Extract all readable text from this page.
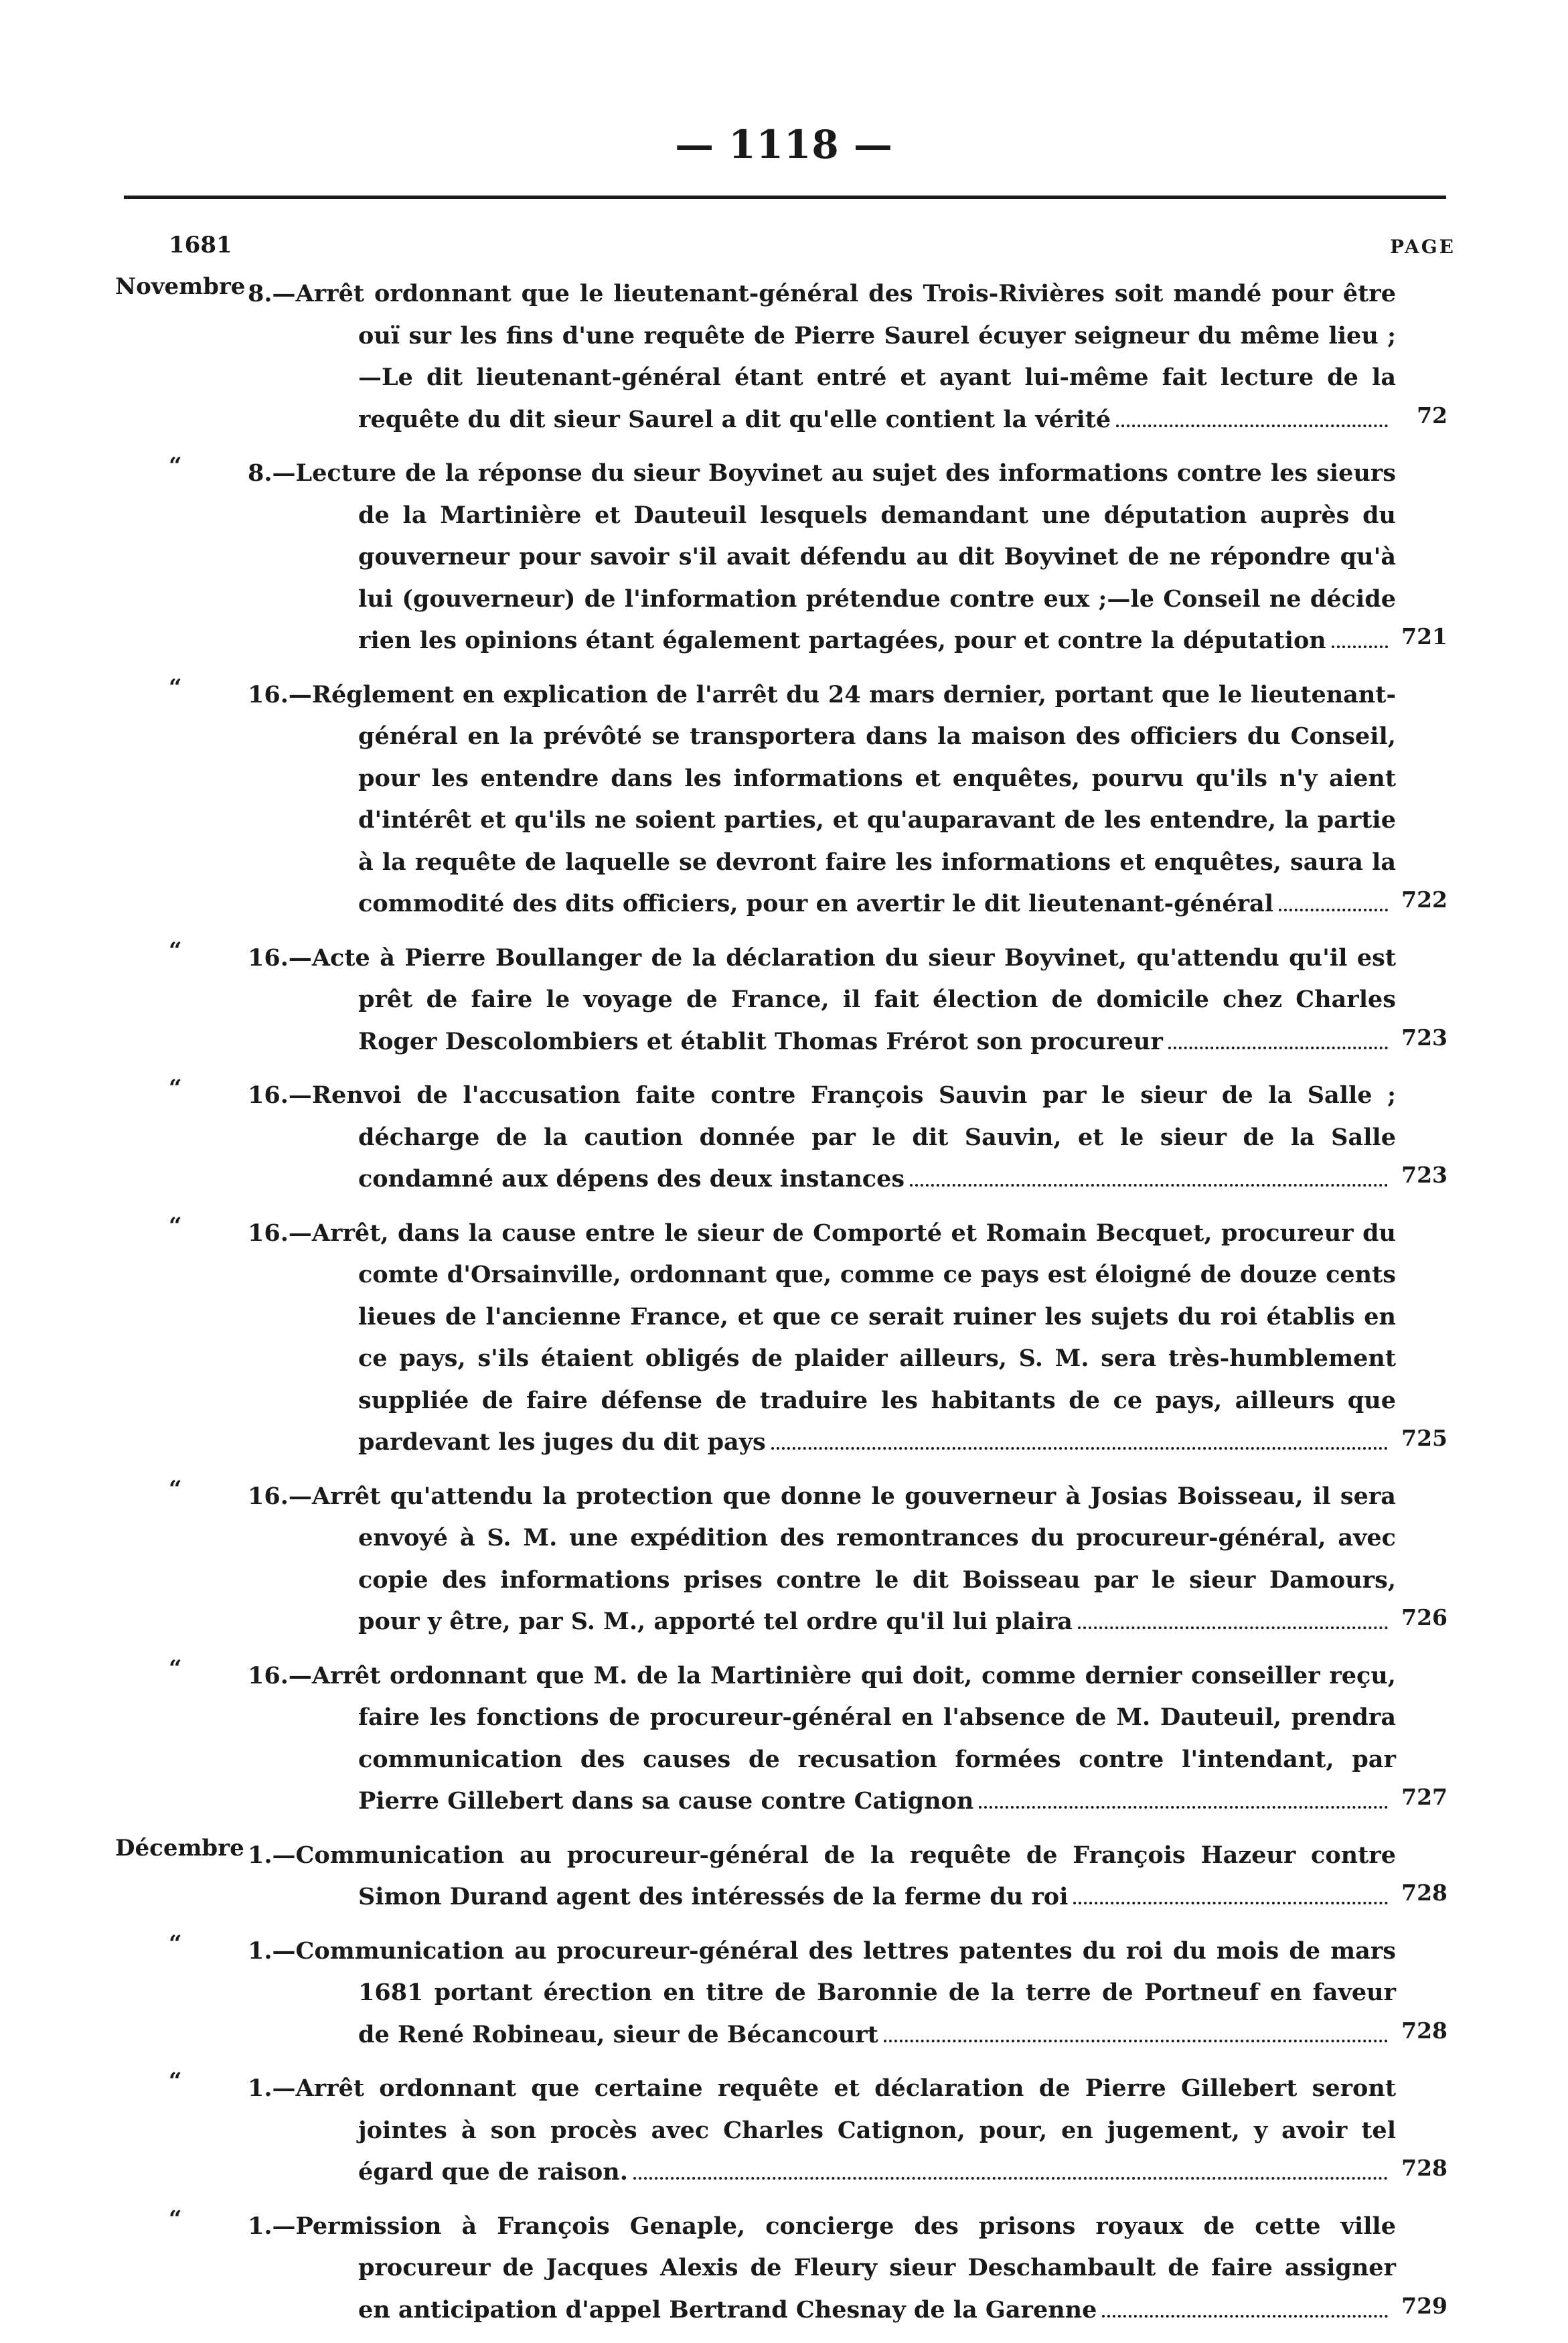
— 1118 —
1681	PAGE
Novembre 8.—Arrêt ordonnant que le lieutenant-général des Trois-Rivières soit mandé pour être ouï sur les fins d'une requête de Pierre Saurel écuyer seigneur du même lieu ;—Le dit lieutenant-général étant entré et ayant lui-même fait lecture de la requête du dit sieur Saurel a dit qu'elle contient la vérité	72
“	8.—Lecture de la réponse du sieur Boyvinet au sujet des informations contre les sieurs de la Martinière et Dauteuil lesquels demandant une députation auprès du gouverneur pour savoir s'il avait défendu au dit Boyvinet de ne répondre qu'à lui (gouverneur) de l'information prétendue contre eux ;—le Conseil ne décide rien les opinions étant également partagées, pour et contre la députation	721
“	16.—Réglement en explication de l'arrêt du 24 mars dernier, portant que le lieutenant-général en la prévôté se transportera dans la maison des officiers du Conseil, pour les entendre dans les informations et enquêtes, pourvu qu'ils n'y aient d'intérêt et qu'ils ne soient parties, et qu'auparavant de les entendre, la partie à la requête de laquelle se devront faire les informations et enquêtes, saura la commodité des dits officiers, pour en avertir le dit lieutenant-général	722
“	16.—Acte à Pierre Boullanger de la déclaration du sieur Boyvinet, qu'attendu qu'il est prêt de faire le voyage de France, il fait élection de domicile chez Charles Roger Descolombiers et établit Thomas Frérot son procureur	723
“	16.—Renvoi de l'accusation faite contre François Sauvin par le sieur de la Salle ; décharge de la caution donnée par le dit Sauvin, et le sieur de la Salle condamné aux dépens des deux instances	723
“	16.—Arrêt, dans la cause entre le sieur de Comporté et Romain Becquet, procureur du comte d'Orsainville, ordonnant que, comme ce pays est éloigné de douze cents lieues de l'ancienne France, et que ce serait ruiner les sujets du roi établis en ce pays, s'ils étaient obligés de plaider ailleurs, S. M. sera très-humblement suppliée de faire défense de traduire les habitants de ce pays, ailleurs que pardevant les juges du dit pays	725
“	16.—Arrêt qu'attendu la protection que donne le gouverneur à Josias Boisseau, il sera envoyé à S. M. une expédition des remontrances du procureur-général, avec copie des informations prises contre le dit Boisseau par le sieur Damours, pour y être, par S. M., apporté tel ordre qu'il lui plaira	726
“	16.—Arrêt ordonnant que M. de la Martinière qui doit, comme dernier conseiller reçu, faire les fonctions de procureur-général en l'absence de M. Dauteuil, prendra communication des causes de recusation formées contre l'intendant, par Pierre Gillebert dans sa cause contre Catignon	727
Décembre 1.—Communication au procureur-général de la requête de François Hazeur contre Simon Durand agent des intéressés de la ferme du roi	728
“	1.—Communication au procureur-général des lettres patentes du roi du mois de mars 1681 portant érection en titre de Baronnie de la terre de Portneuf en faveur de René Robineau, sieur de Bécancourt	728
“	1.—Arrêt ordonnant que certaine requête et déclaration de Pierre Gillebert seront jointes à son procès avec Charles Catignon, pour, en jugement, y avoir tel égard que de raison.	728
“	1.—Permission à François Genaple, concierge des prisons royaux de cette ville procureur de Jacques Alexis de Fleury sieur Deschambault de faire assigner en anticipation d'appel Bertrand Chesnay de la Garenne	729
